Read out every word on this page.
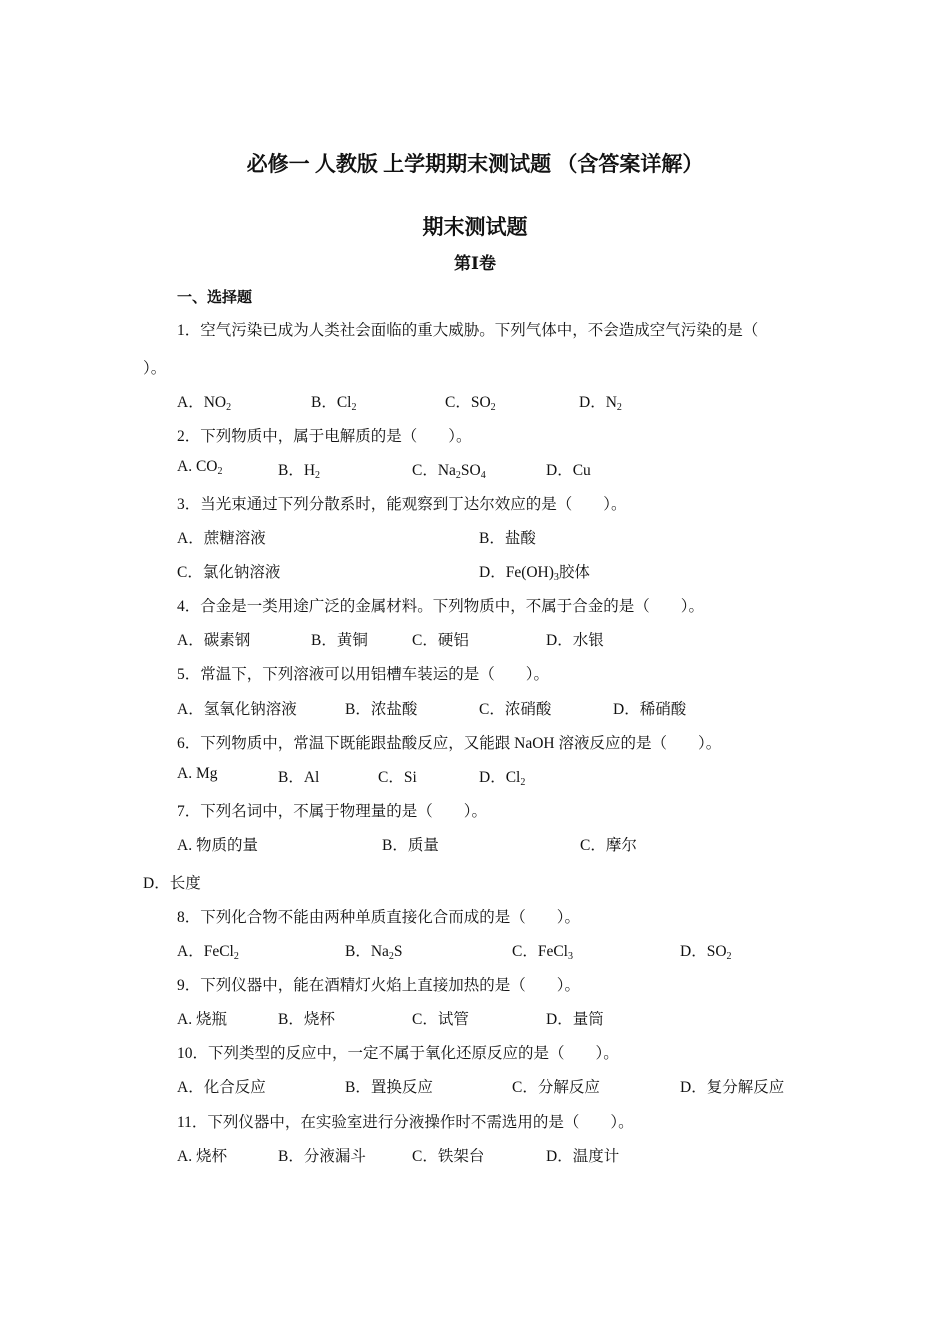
必修一 人教版 上学期期末测试题 （含答案详解）
期末测试题
第Ⅰ卷
一、选择题
1．空气污染已成为人类社会面临的重大威胁。下列气体中，不会造成空气污染的是（
）。
A．$NO_2$	B．$Cl_2$	C．$SO_2$	D．$N_2$
2．下列物质中，属于电解质的是（　　）。
A. $CO_2$	B．$H_2$	C．$Na_2SO_4$	D．Cu
3．当光束通过下列分散系时，能观察到丁达尔效应的是（　　）。
A．蔗糖溶液	B．盐酸
C．氯化钠溶液	D．$Fe(OH)_3$胶体
4．合金是一类用途广泛的金属材料。下列物质中，不属于合金的是（　　）。
A．碳素钢	B．黄铜	C．硬铝	D．水银
5．常温下，下列溶液可以用铝槽车装运的是（　　）。
A．氢氧化钠溶液	B．浓盐酸	C．浓硝酸	D．稀硝酸
6．下列物质中，常温下既能跟盐酸反应，又能跟 NaOH 溶液反应的是（　　）。
A. Mg	B．Al	C．Si	D．$Cl_2$
7．下列名词中，不属于物理量的是（　　）。
A. 物质的量	B．质量	C．摩尔
D．长度
8．下列化合物不能由两种单质直接化合而成的是（　　）。
A．FeCl$_2$	B．$Na_2S$	C．FeCl$_3$	D．$SO_2$
9．下列仪器中，能在酒精灯火焰上直接加热的是（　　）。
A. 烧瓶	B．烧杯	C．试管	D．量筒
10．下列类型的反应中，一定不属于氧化还原反应的是（　　）。
A．化合反应	B．置换反应	C．分解反应	D．复分解反应
11．下列仪器中，在实验室进行分液操作时不需选用的是（　　）。
A. 烧杯	B．分液漏斗	C．铁架台	D．温度计
